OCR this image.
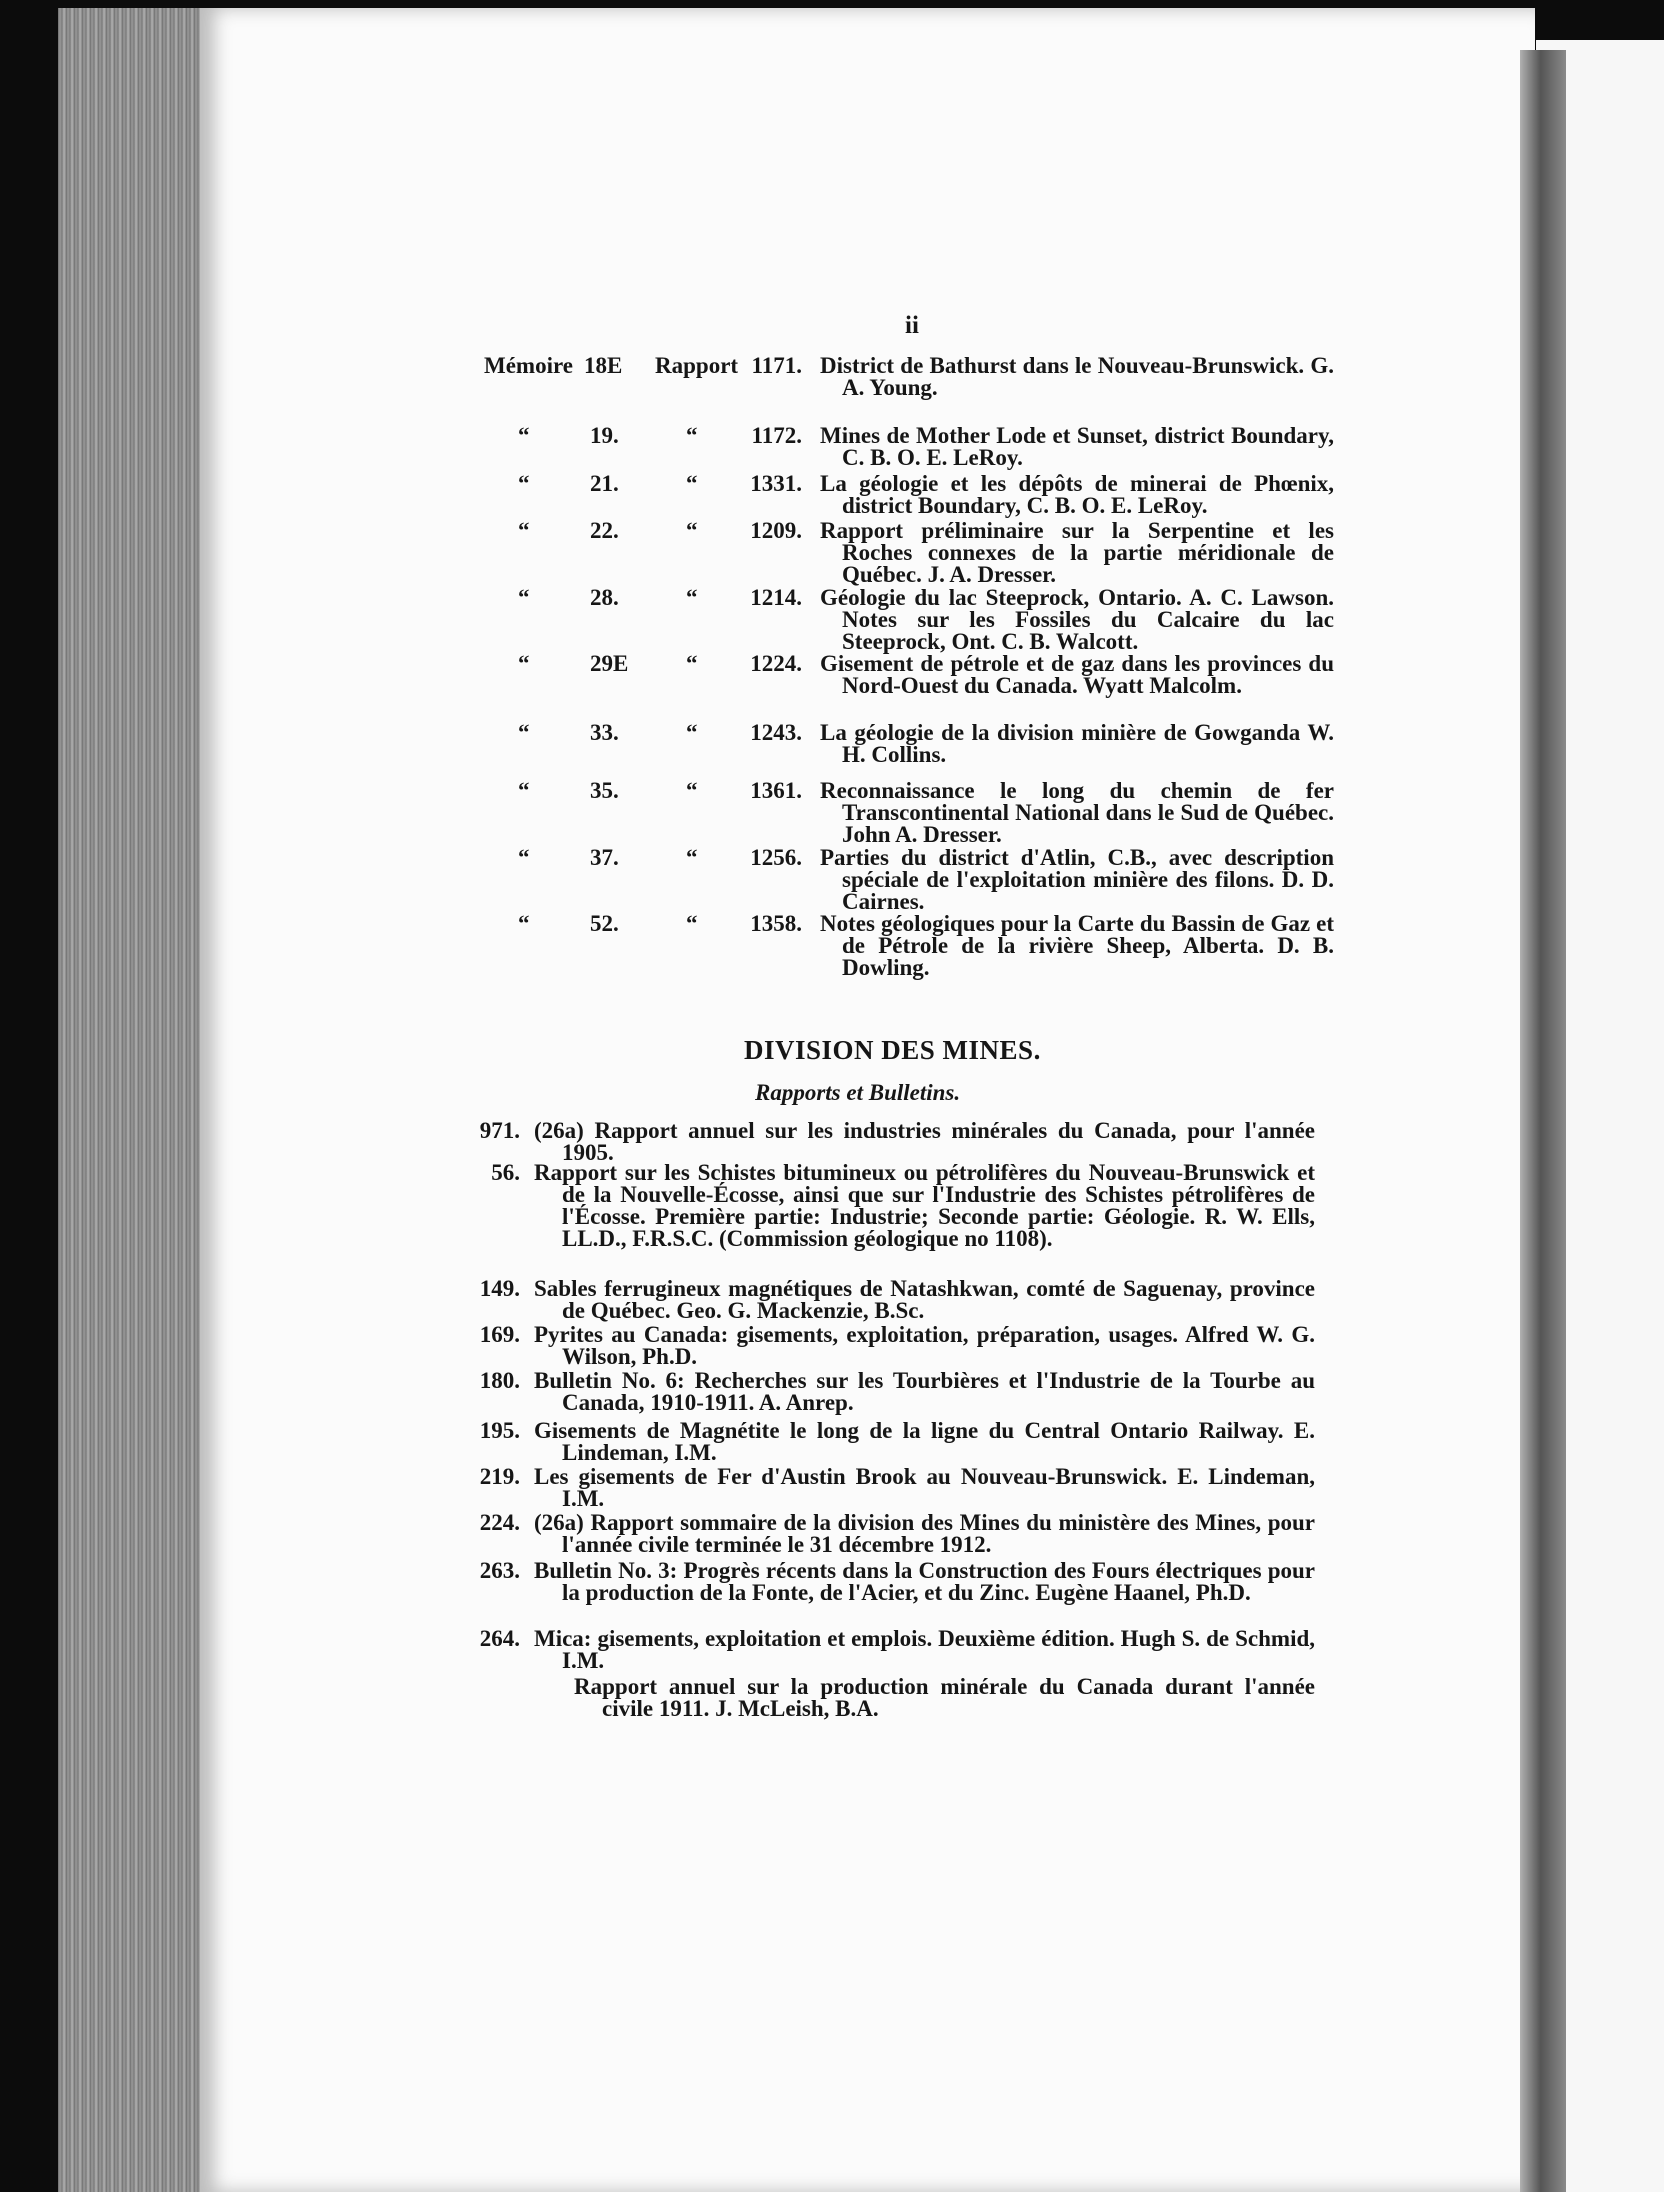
ii
Mémoire 18E Rapport 1171. District de Bathurst dans le Nouveau-Brunswick. G. A. Young.
“	19.	“	1172. Mines de Mother Lode et Sunset, district Boundary, C. B. O. E. LeRoy.
“	21.	“	1331. La géologie et les dépôts de minerai de Phœnix, district Boundary, C. B. O. E. LeRoy.
“	22.	“	1209. Rapport préliminaire sur la Serpentine et les Roches connexes de la partie méridionale de Québec. J. A. Dresser.
“	28.	“	1214. Géologie du lac Steeprock, Ontario. A. C. Lawson. Notes sur les Fossiles du Calcaire du lac Steeprock, Ont. C. B. Walcott.
“	29E	“	1224. Gisement de pétrole et de gaz dans les provinces du Nord-Ouest du Canada. Wyatt Malcolm.
“	33.	“	1243. La géologie de la division minière de Gowganda W. H. Collins.
“	35.	“	1361. Reconnaissance le long du chemin de fer Transcontinental National dans le Sud de Québec. John A. Dresser.
“	37.	“	1256. Parties du district d'Atlin, C.B., avec description spéciale de l'exploitation minière des filons. D. D. Cairnes.
“	52.	“	1358. Notes géologiques pour la Carte du Bassin de Gaz et de Pétrole de la rivière Sheep, Alberta. D. B. Dowling.
DIVISION DES MINES.
Rapports et Bulletins.
971. (26a) Rapport annuel sur les industries minérales du Canada, pour l'année 1905.
56. Rapport sur les Schistes bitumineux ou pétrolifères du Nouveau-Brunswick et de la Nouvelle-Écosse, ainsi que sur l'Industrie des Schistes pétrolifères de l'Écosse. Première partie: Industrie; Seconde partie: Géologie. R. W. Ells, LL.D., F.R.S.C. (Commission géologique no 1108).
149. Sables ferrugineux magnétiques de Natashkwan, comté de Saguenay, province de Québec. Geo. G. Mackenzie, B.Sc.
169. Pyrites au Canada: gisements, exploitation, préparation, usages. Alfred W. G. Wilson, Ph.D.
180. Bulletin No. 6: Recherches sur les Tourbières et l'Industrie de la Tourbe au Canada, 1910-1911. A. Anrep.
195. Gisements de Magnétite le long de la ligne du Central Ontario Railway. E. Lindeman, I.M.
219. Les gisements de Fer d'Austin Brook au Nouveau-Brunswick. E. Lindeman, I.M.
224. (26a) Rapport sommaire de la division des Mines du ministère des Mines, pour l'année civile terminée le 31 décembre 1912.
263. Bulletin No. 3: Progrès récents dans la Construction des Fours électriques pour la production de la Fonte, de l'Acier, et du Zinc. Eugène Haanel, Ph.D.
264. Mica: gisements, exploitation et emplois. Deuxième édition. Hugh S. de Schmid, I.M.
Rapport annuel sur la production minérale du Canada durant l'année civile 1911. J. McLeish, B.A.
